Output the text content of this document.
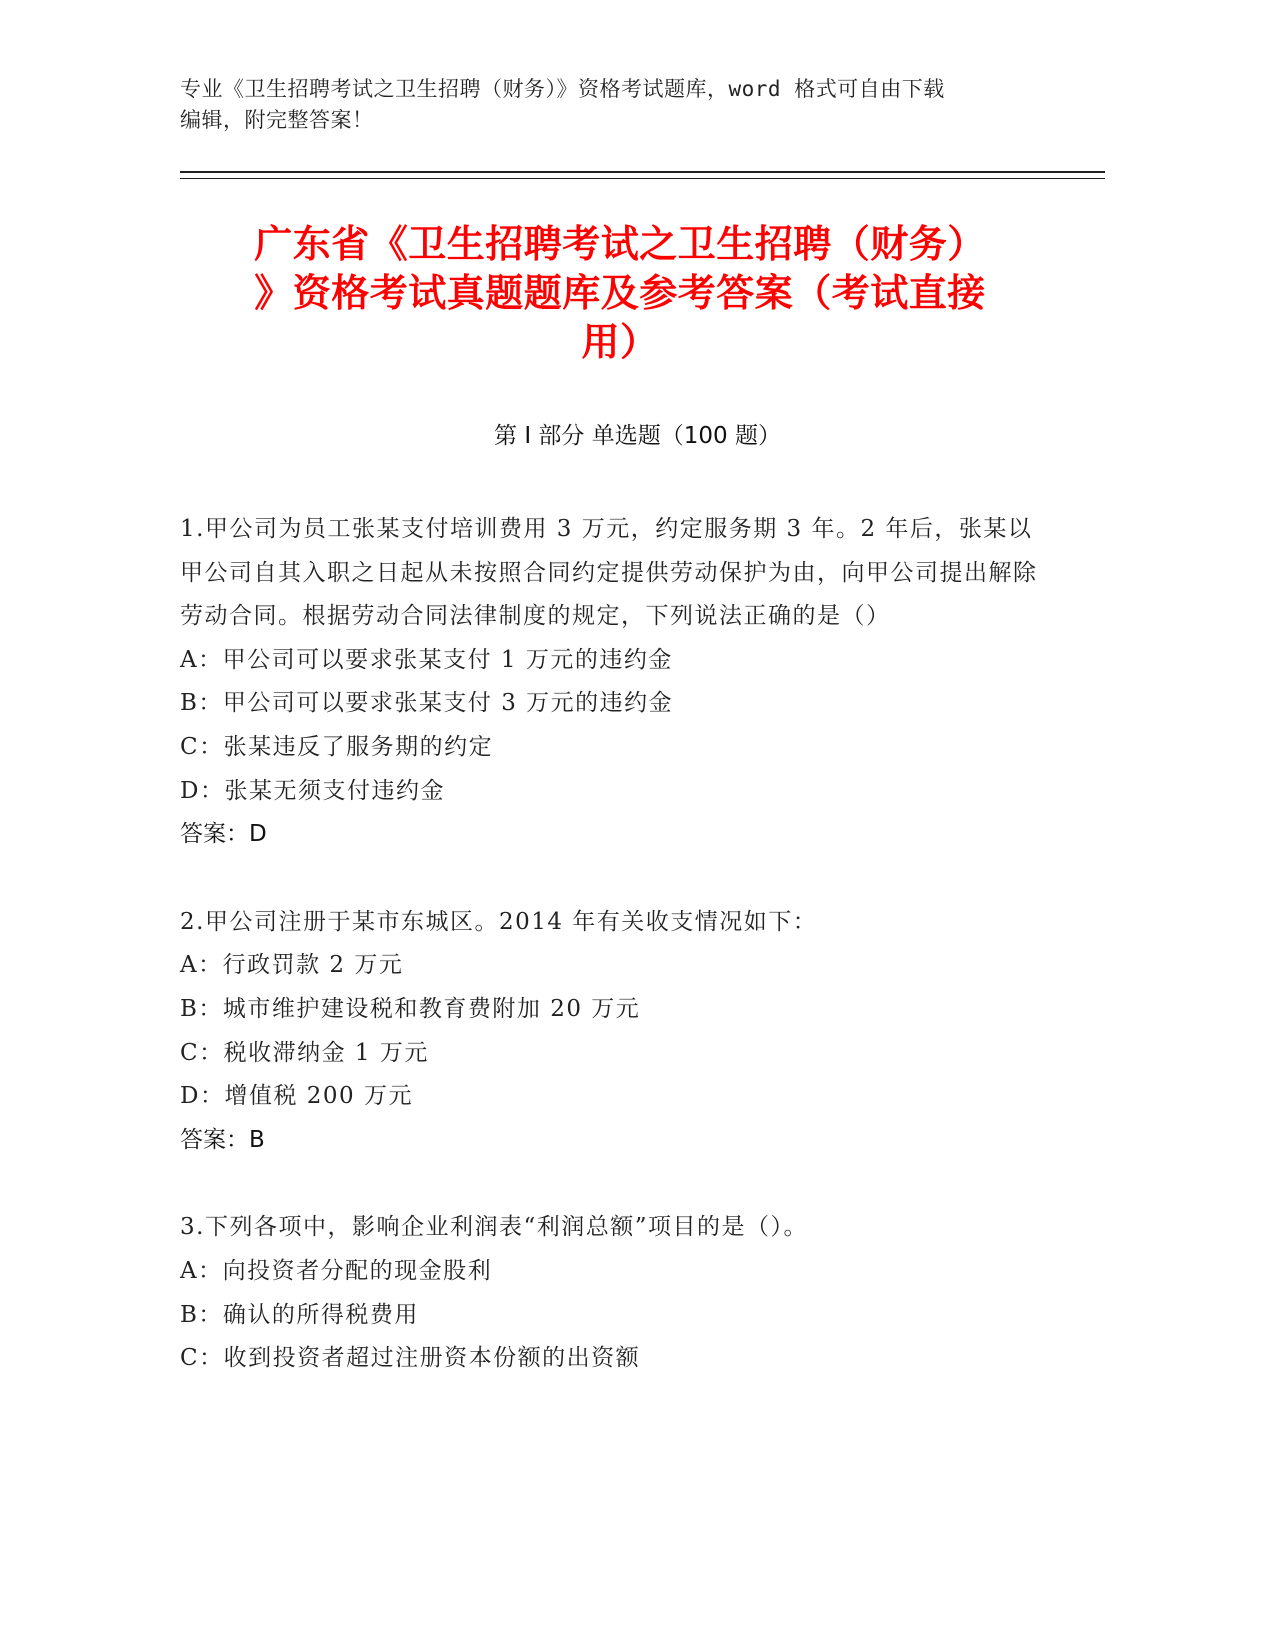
专业《卫生招聘考试之卫生招聘（财务）》资格考试题库，word 格式可自由下载
编辑，附完整答案！
广东省《卫生招聘考试之卫生招聘（财务）
》资格考试真题题库及参考答案（考试直接
用）
第 I 部分 单选题（100 题）

1.甲公司为员工张某支付培训费用 3 万元，约定服务期 3 年。2 年后，张某以甲公司自其入职之日起从未按照合同约定提供劳动保护为由，向甲公司提出解除劳动合同。根据劳动合同法律制度的规定，下列说法正确的是（）

A：甲公司可以要求张某支付 1 万元的违约金

B：甲公司可以要求张某支付 3 万元的违约金

C：张某违反了服务期的约定

D：张某无须支付违约金

答案：D

2.甲公司注册于某市东城区。2014 年有关收支情况如下：

A：行政罚款 2 万元

B：城市维护建设税和教育费附加 20 万元

C：税收滞纳金 1 万元

D：增值税 200 万元

答案：B

3.下列各项中，影响企业利润表“利润总额”项目的是（）。

A：向投资者分配的现金股利

B：确认的所得税费用

C：收到投资者超过注册资本份额的出资额
